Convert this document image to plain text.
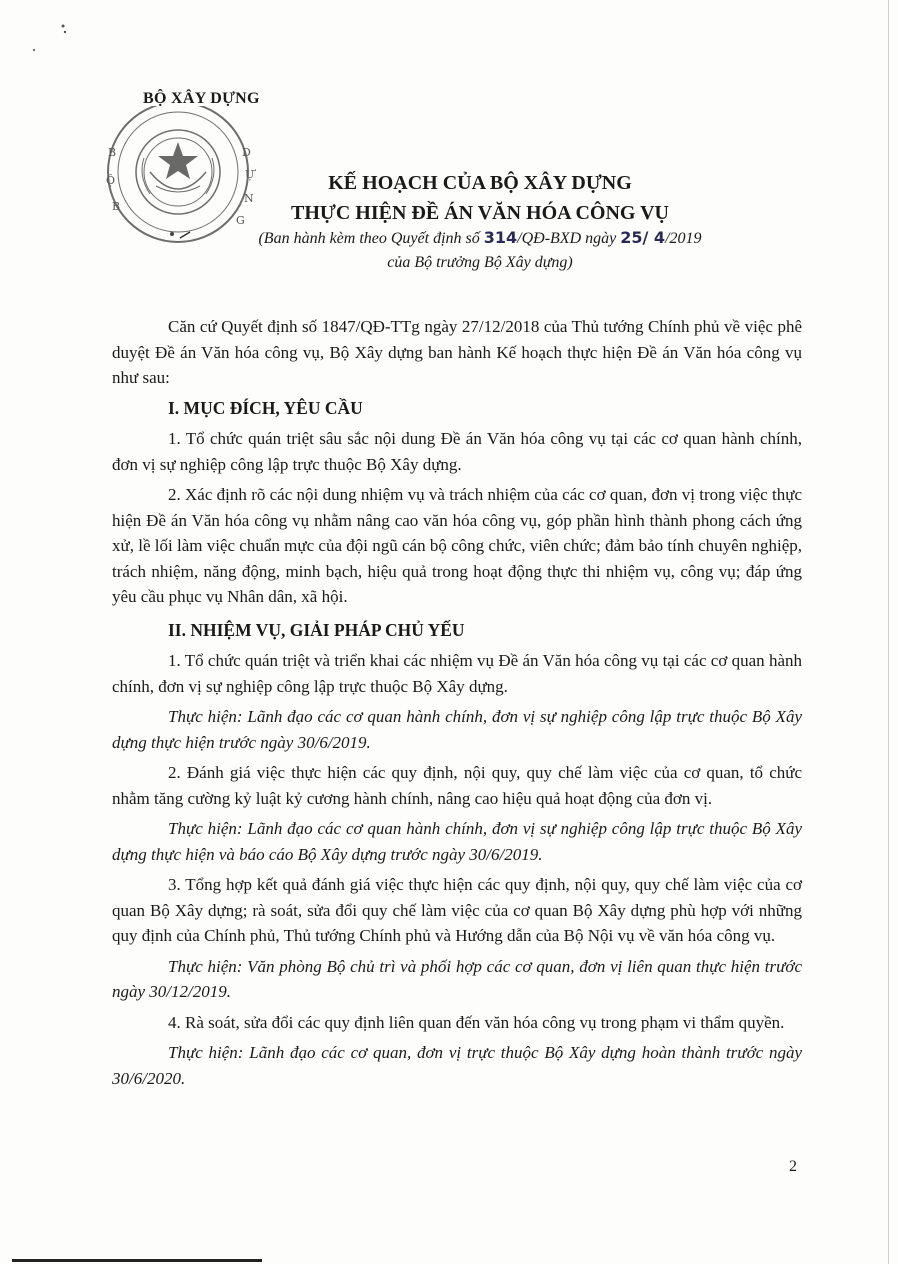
BỘ XÂY DỰNG
B
Ộ
B
D
Ự
N
G
KẾ HOẠCH CỦA BỘ XÂY DỰNG
THỰC HIỆN ĐỀ ÁN VĂN HÓA CÔNG VỤ
(Ban hành kèm theo Quyết định số 314/QĐ-BXD ngày 25/ 4/2019
của Bộ trưởng Bộ Xây dựng)

Căn cứ Quyết định số 1847/QĐ-TTg ngày 27/12/2018 của Thủ tướng Chính phủ về việc phê duyệt Đề án Văn hóa công vụ, Bộ Xây dựng ban hành Kế hoạch thực hiện Đề án Văn hóa công vụ như sau:

I. MỤC ĐÍCH, YÊU CẦU

1. Tổ chức quán triệt sâu sắc nội dung Đề án Văn hóa công vụ tại các cơ quan hành chính, đơn vị sự nghiệp công lập trực thuộc Bộ Xây dựng.

2. Xác định rõ các nội dung nhiệm vụ và trách nhiệm của các cơ quan, đơn vị trong việc thực hiện Đề án Văn hóa công vụ nhằm nâng cao văn hóa công vụ, góp phần hình thành phong cách ứng xử, lề lối làm việc chuẩn mực của đội ngũ cán bộ công chức, viên chức; đảm bảo tính chuyên nghiệp, trách nhiệm, năng động, minh bạch, hiệu quả trong hoạt động thực thi nhiệm vụ, công vụ; đáp ứng yêu cầu phục vụ Nhân dân, xã hội.

II. NHIỆM VỤ, GIẢI PHÁP CHỦ YẾU

1. Tổ chức quán triệt và triển khai các nhiệm vụ Đề án Văn hóa công vụ tại các cơ quan hành chính, đơn vị sự nghiệp công lập trực thuộc Bộ Xây dựng.

Thực hiện: Lãnh đạo các cơ quan hành chính, đơn vị sự nghiệp công lập trực thuộc Bộ Xây dựng thực hiện trước ngày 30/6/2019.

2. Đánh giá việc thực hiện các quy định, nội quy, quy chế làm việc của cơ quan, tổ chức nhằm tăng cường kỷ luật kỷ cương hành chính, nâng cao hiệu quả hoạt động của đơn vị.

Thực hiện: Lãnh đạo các cơ quan hành chính, đơn vị sự nghiệp công lập trực thuộc Bộ Xây dựng thực hiện và báo cáo Bộ Xây dựng trước ngày 30/6/2019.

3. Tổng hợp kết quả đánh giá việc thực hiện các quy định, nội quy, quy chế làm việc của cơ quan Bộ Xây dựng; rà soát, sửa đổi quy chế làm việc của cơ quan Bộ Xây dựng phù hợp với những quy định của Chính phủ, Thủ tướng Chính phủ và Hướng dẫn của Bộ Nội vụ về văn hóa công vụ.

Thực hiện: Văn phòng Bộ chủ trì và phối hợp các cơ quan, đơn vị liên quan thực hiện trước ngày 30/12/2019.

4. Rà soát, sửa đổi các quy định liên quan đến văn hóa công vụ trong phạm vi thẩm quyền.

Thực hiện: Lãnh đạo các cơ quan, đơn vị trực thuộc Bộ Xây dựng hoàn thành trước ngày 30/6/2020.

2
